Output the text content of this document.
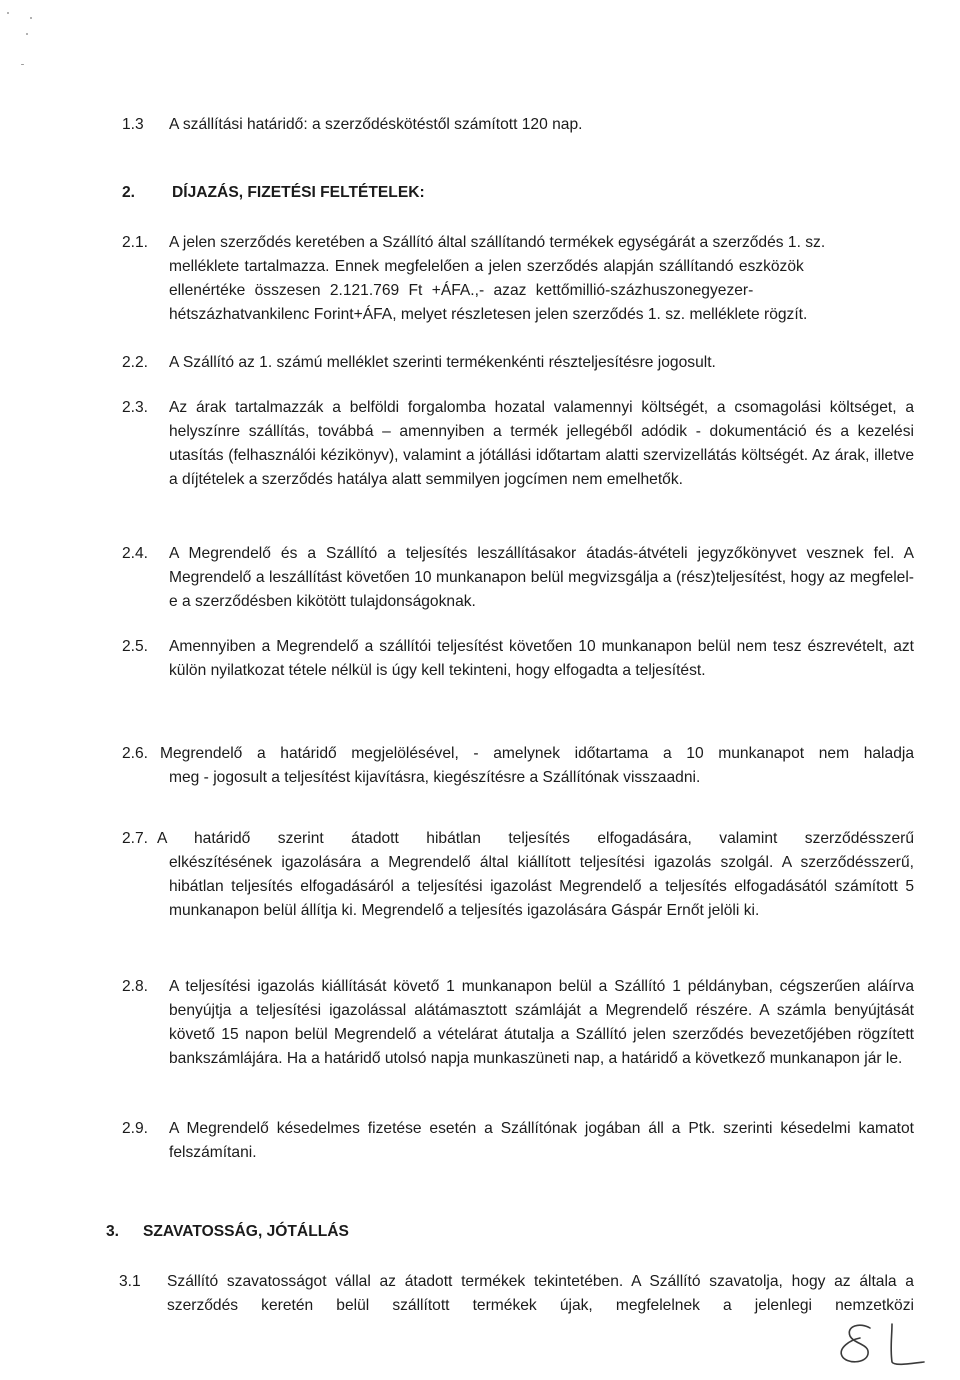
1.3 A szállítási határidő: a szerződéskötéstől számított 120 nap.
2. DÍJAZÁS, FIZETÉSI FELTÉTELEK:
2.1. A jelen szerződés keretében a Szállító által szállítandó termékek egységárát a szerződés 1. sz.
melléklete tartalmazza. Ennek megfelelően a jelen szerződés alapján szállítandó eszközök
ellenértéke összesen 2.121.769 Ft +ÁFA.,- azaz kettőmillió-százhuszonegyezer-
hétszázhatvankilenc Forint+ÁFA, melyet részletesen jelen szerződés 1. sz. melléklete rögzít.
2.2. A Szállító az 1. számú melléklet szerinti termékenkénti részteljesítésre jogosult.
2.3. Az árak tartalmazzák a belföldi forgalomba hozatal valamennyi költségét, a csomagolási költséget, a helyszínre szállítás, továbbá – amennyiben a termék jellegéből adódik - dokumentáció és a kezelési utasítás (felhasználói kézikönyv), valamint a jótállási időtartam alatti szervizellátás költségét. Az árak, illetve a díjtételek a szerződés hatálya alatt semmilyen jogcímen nem emelhetők.
2.4. A Megrendelő és a Szállító a teljesítés leszállításakor átadás-átvételi jegyzőkönyvet vesznek fel. A Megrendelő a leszállítást követően 10 munkanapon belül megvizsgálja a (rész)teljesítést, hogy az megfelel-e a szerződésben kikötött tulajdonságoknak.
2.5. Amennyiben a Megrendelő a szállítói teljesítést követően 10 munkanapon belül nem tesz észrevételt, azt külön nyilatkozat tétele nélkül is úgy kell tekinteni, hogy elfogadta a teljesítést.
2.6. Megrendelő a határidő megjelölésével, - amelynek időtartama a 10 munkanapot nem haladja
meg - jogosult a teljesítést kijavításra, kiegészítésre a Szállítónak visszaadni.
2.7. A határidő szerint átadott hibátlan teljesítés elfogadására, valamint szerződésszerű
elkészítésének igazolására a Megrendelő által kiállított teljesítési igazolás szolgál. A szerződésszerű, hibátlan teljesítés elfogadásáról a teljesítési igazolást Megrendelő a teljesítés elfogadásától számított 5 munkanapon belül állítja ki. Megrendelő a teljesítés igazolására Gáspár Ernőt jelöli ki.
2.8. A teljesítési igazolás kiállítását követő 1 munkanapon belül a Szállító 1 példányban, cégszerűen aláírva benyújtja a teljesítési igazolással alátámasztott számláját a Megrendelő részére. A számla benyújtását követő 15 napon belül Megrendelő a vételárat átutalja a Szállító jelen szerződés bevezetőjében rögzített bankszámlájára. Ha a határidő utolsó napja munkaszüneti nap, a határidő a következő munkanapon jár le.
2.9. A Megrendelő késedelmes fizetése esetén a Szállítónak jogában áll a Ptk. szerinti késedelmi kamatot felszámítani.
3. SZAVATOSSÁG, JÓTÁLLÁS
3.1 Szállító szavatosságot vállal az átadott termékek tekintetében. A Szállító szavatolja, hogy az általa a szerződés keretén belül szállított termékek újak, megfelelnek a jelenlegi nemzetközi
